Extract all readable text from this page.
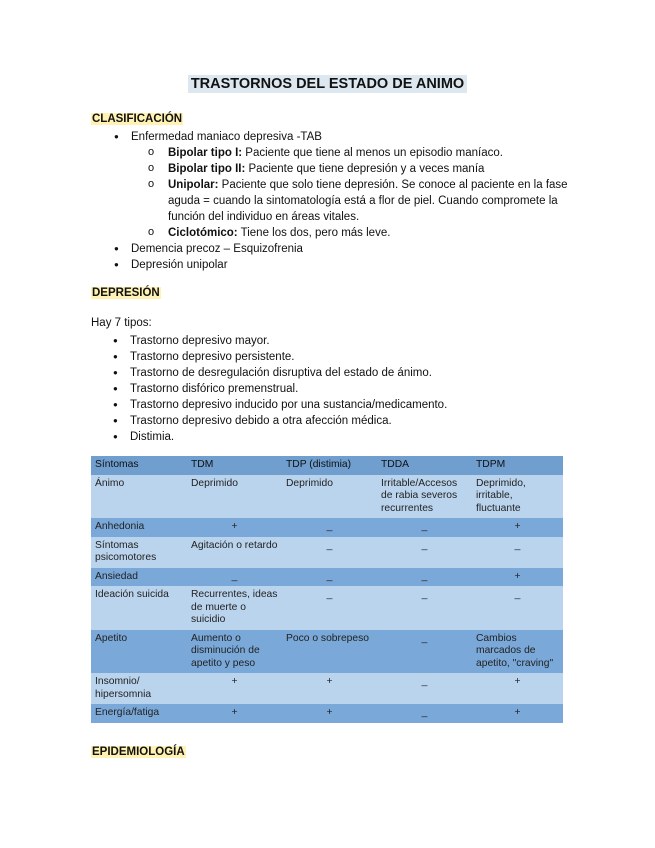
TRASTORNOS DEL ESTADO DE ANIMO
CLASIFICACIÓN
● Enfermedad maniaco depresiva -TAB
o Bipolar tipo I: Paciente que tiene al menos un episodio maníaco.
o Bipolar tipo II: Paciente que tiene depresión y a veces manía
o Unipolar: Paciente que solo tiene depresión. Se conoce al paciente en la fase aguda = cuando la sintomatología está a flor de piel. Cuando compromete la función del individuo en áreas vitales.
o Ciclotómico: Tiene los dos, pero más leve.
● Demencia precoz – Esquizofrenia
● Depresión unipolar
DEPRESIÓN
Hay 7 tipos:
● Trastorno depresivo mayor.
● Trastorno depresivo persistente.
● Trastorno de desregulación disruptiva del estado de ánimo.
● Trastorno disfórico premenstrual.
● Trastorno depresivo inducido por una sustancia/medicamento.
● Trastorno depresivo debido a otra afección médica.
● Distimia.
Síntomas	TDM	TDP (distimia)	TDDA	TDPM
Ánimo	Deprimido	Deprimido	Irritable/Accesos de rabia severos recurrentes	Deprimido, irritable, fluctuante
Anhedonia	+	_	_	+
Síntomas psicomotores	Agitación o retardo	_	_	_
Ansiedad	_	_	_	+
Ideación suicida	Recurrentes, ideas de muerte o suicidio	_	_	_
Apetito	Aumento o disminución de apetito y peso	Poco o sobrepeso	_	Cambios marcados de apetito, "craving"
Insomnio/ hipersomnia	+	+	_	+
Energía/fatiga	+	+	_	+
EPIDEMIOLOGÍA
